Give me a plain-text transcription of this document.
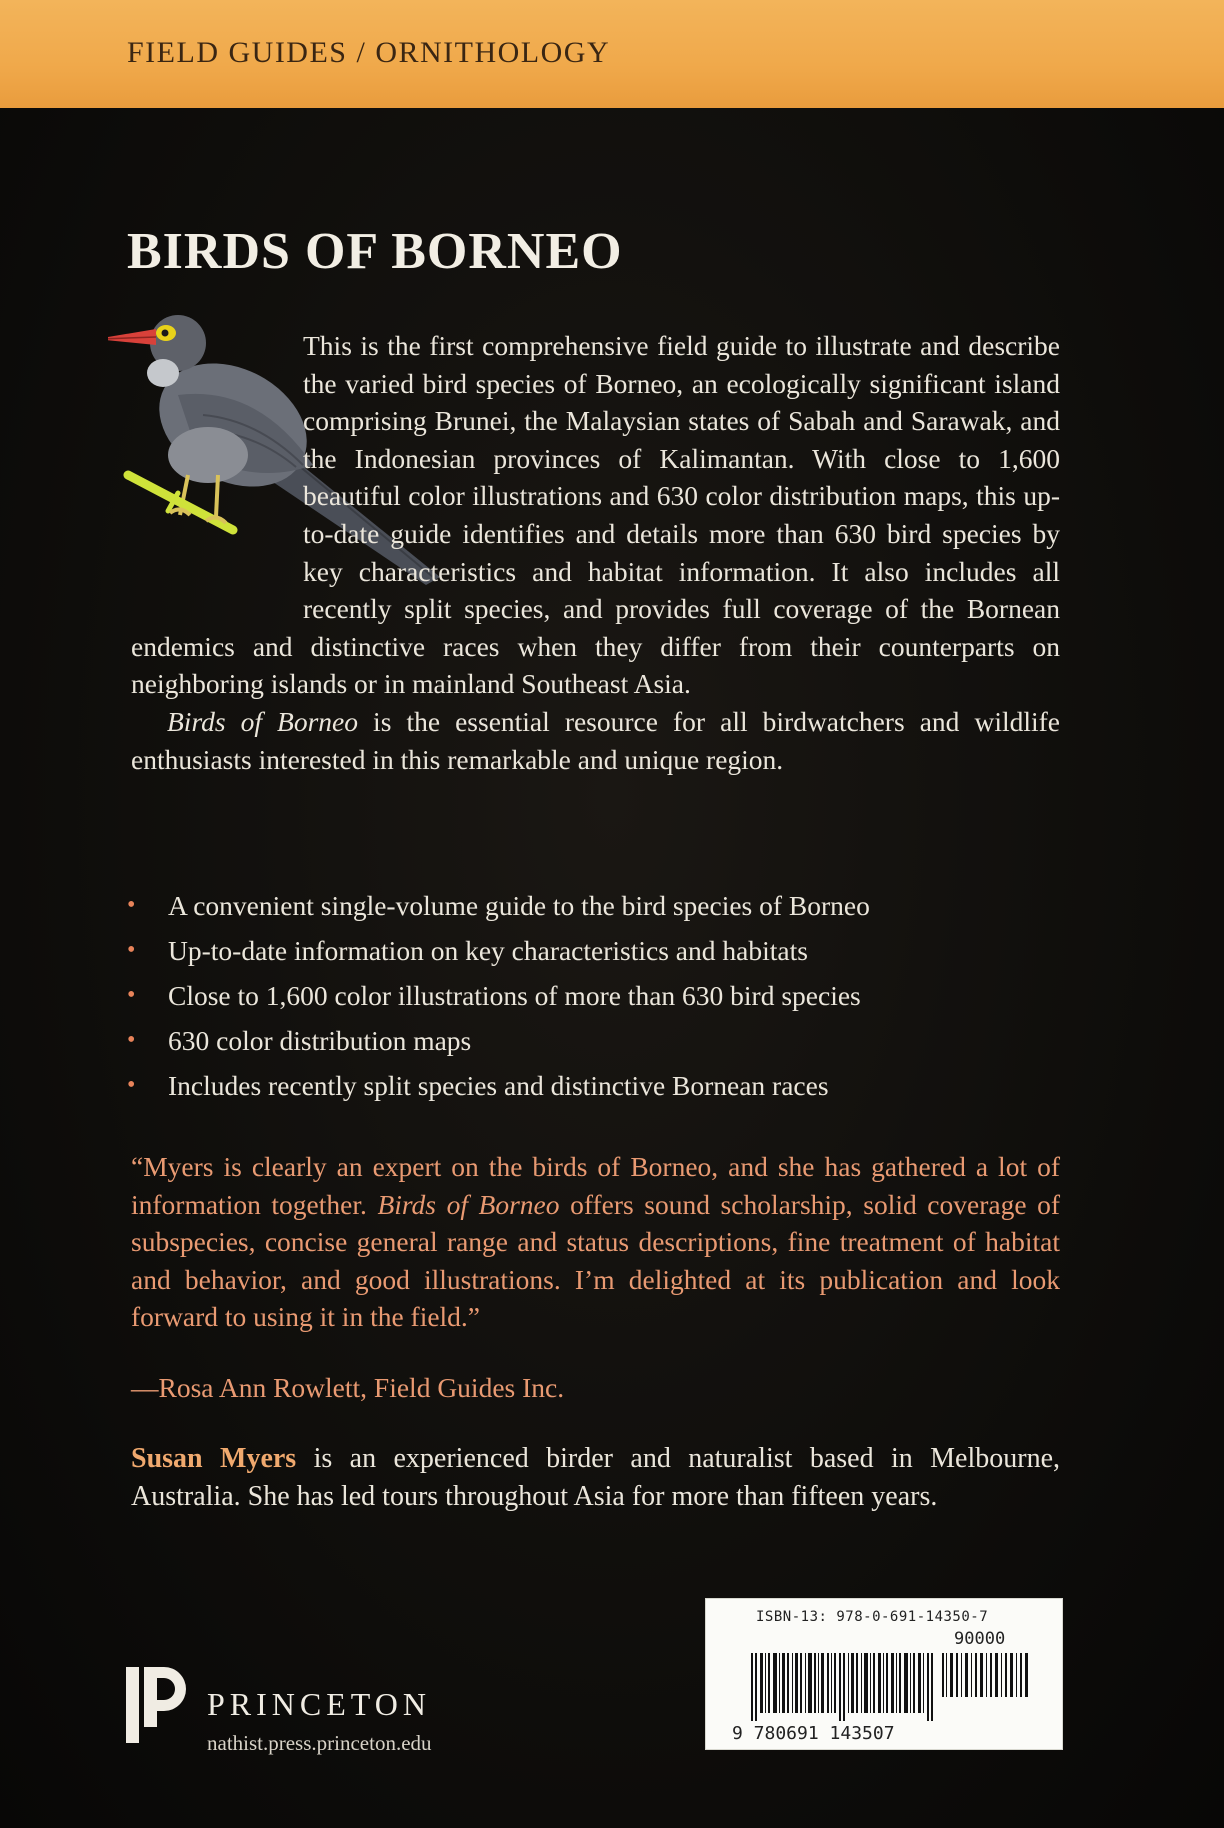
FIELD GUIDES / ORNITHOLOGY
BIRDS OF BORNEO

This is the first comprehensive field guide to illustrate and describe the varied bird species of Borneo, an ecologically significant island comprising Brunei, the Malaysian states of Sabah and Sarawak, and the Indonesian provinces of Kalimantan. With close to 1,600 beautiful color illustrations and 630 color distribution maps, this up-to-date guide identifies and details more than 630 bird species by key characteristics and habitat information. It also includes all recently split species, and provides full coverage of the Bornean endemics and distinctive races when they differ from their counterparts on neighboring islands or in mainland Southeast Asia.

Birds of Borneo is the essential resource for all birdwatchers and wildlife enthusiasts interested in this remarkable and unique region.

• A convenient single-volume guide to the bird species of Borneo
• Up-to-date information on key characteristics and habitats
• Close to 1,600 color illustrations of more than 630 bird species
• 630 color distribution maps
• Includes recently split species and distinctive Bornean races

“Myers is clearly an expert on the birds of Borneo, and she has gathered a lot of information together. Birds of Borneo offers sound scholarship, solid coverage of subspecies, concise general range and status descriptions, fine treatment of habitat and behavior, and good illustrations. I’m delighted at its publication and look forward to using it in the field.”

—Rosa Ann Rowlett, Field Guides Inc.

Susan Myers is an experienced birder and naturalist based in Melbourne, Australia. She has led tours throughout Asia for more than fifteen years.

PRINCETON
nathist.press.princeton.edu
ISBN-13: 978-0-691-14350-7
90000
9 780691 143507
